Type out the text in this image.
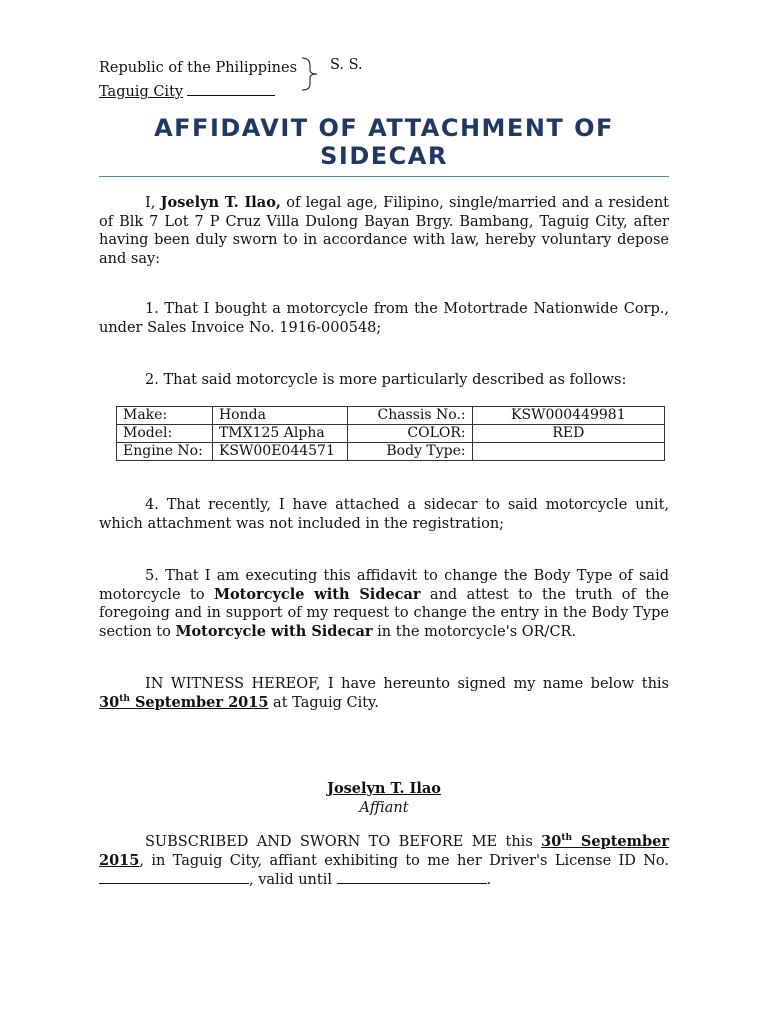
Republic of the Philippines
Taguig City
S. S.
AFFIDAVIT OF ATTACHMENT OF SIDECAR
I, Joselyn T. Ilao, of legal age, Filipino, single/married and a resident of Blk 7 Lot 7 P Cruz Villa Dulong Bayan Brgy. Bambang, Taguig City, after having been duly sworn to in accordance with law, hereby voluntary depose and say:
1. That I bought a motorcycle from the Motortrade Nationwide Corp., under Sales Invoice No. 1916-000548;
2. That said motorcycle is more particularly described as follows:
Make:	Honda	Chassis No.:	KSW000449981
Model:	TMX125 Alpha	COLOR:	RED
Engine No:	KSW00E044571	Body Type:	
4. That recently, I have attached a sidecar to said motorcycle unit, which attachment was not included in the registration;
5. That I am executing this affidavit to change the Body Type of said motorcycle to Motorcycle with Sidecar and attest to the truth of the foregoing and in support of my request to change the entry in the Body Type section to Motorcycle with Sidecar in the motorcycle's OR/CR.
IN WITNESS HEREOF, I have hereunto signed my name below this 30th September 2015 at Taguig City.
Joselyn T. Ilao
Affiant
SUBSCRIBED AND SWORN TO BEFORE ME this 30th September 2015, in Taguig City, affiant exhibiting to me her Driver's License ID No. , valid until	.
